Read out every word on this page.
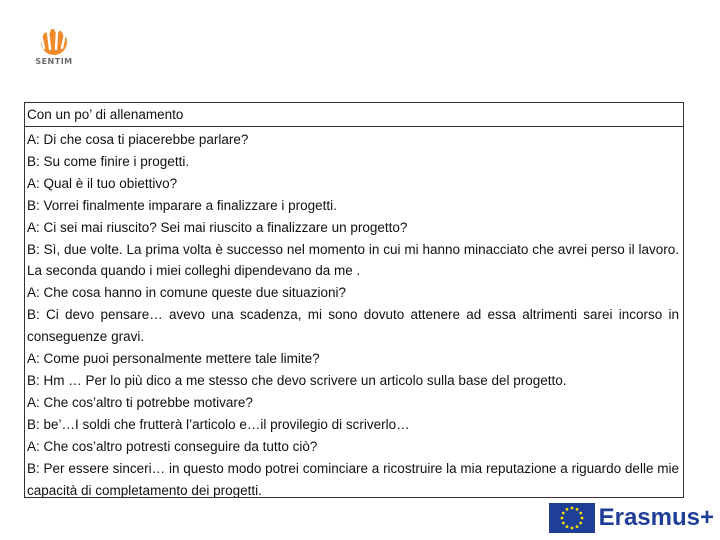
SENTIM
Con un po’ di allenamento

A: Di che cosa ti piacerebbe parlare?

B: Su come finire i progetti.

A: Qual è il tuo obiettivo?

B: Vorrei finalmente imparare a finalizzare i progetti.

A: Ci sei mai riuscito? Sei mai riuscito a finalizzare un progetto?

B: Sì, due volte. La prima volta è successo nel momento in cui mi hanno minacciato che avrei perso il lavoro. La seconda quando i miei colleghi dipendevano da me .

A: Che cosa hanno in comune queste due situazioni?

B: Ci devo pensare… avevo una scadenza, mi sono dovuto attenere ad essa altrimenti sarei incorso in conseguenze gravi.

A: Come puoi personalmente mettere tale limite?

B: Hm … Per lo più dico a me stesso che devo scrivere un articolo sulla base del progetto.

A: Che cos’altro ti potrebbe motivare?

B: be’…I soldi che frutterà l’articolo e…il provilegio di scriverlo…

A: Che cos’altro potresti conseguire da tutto ciò?

B: Per essere sinceri… in questo modo potrei cominciare a ricostruire la mia reputazione a riguardo delle mie capacità di completamento dei progetti.

Erasmus+
